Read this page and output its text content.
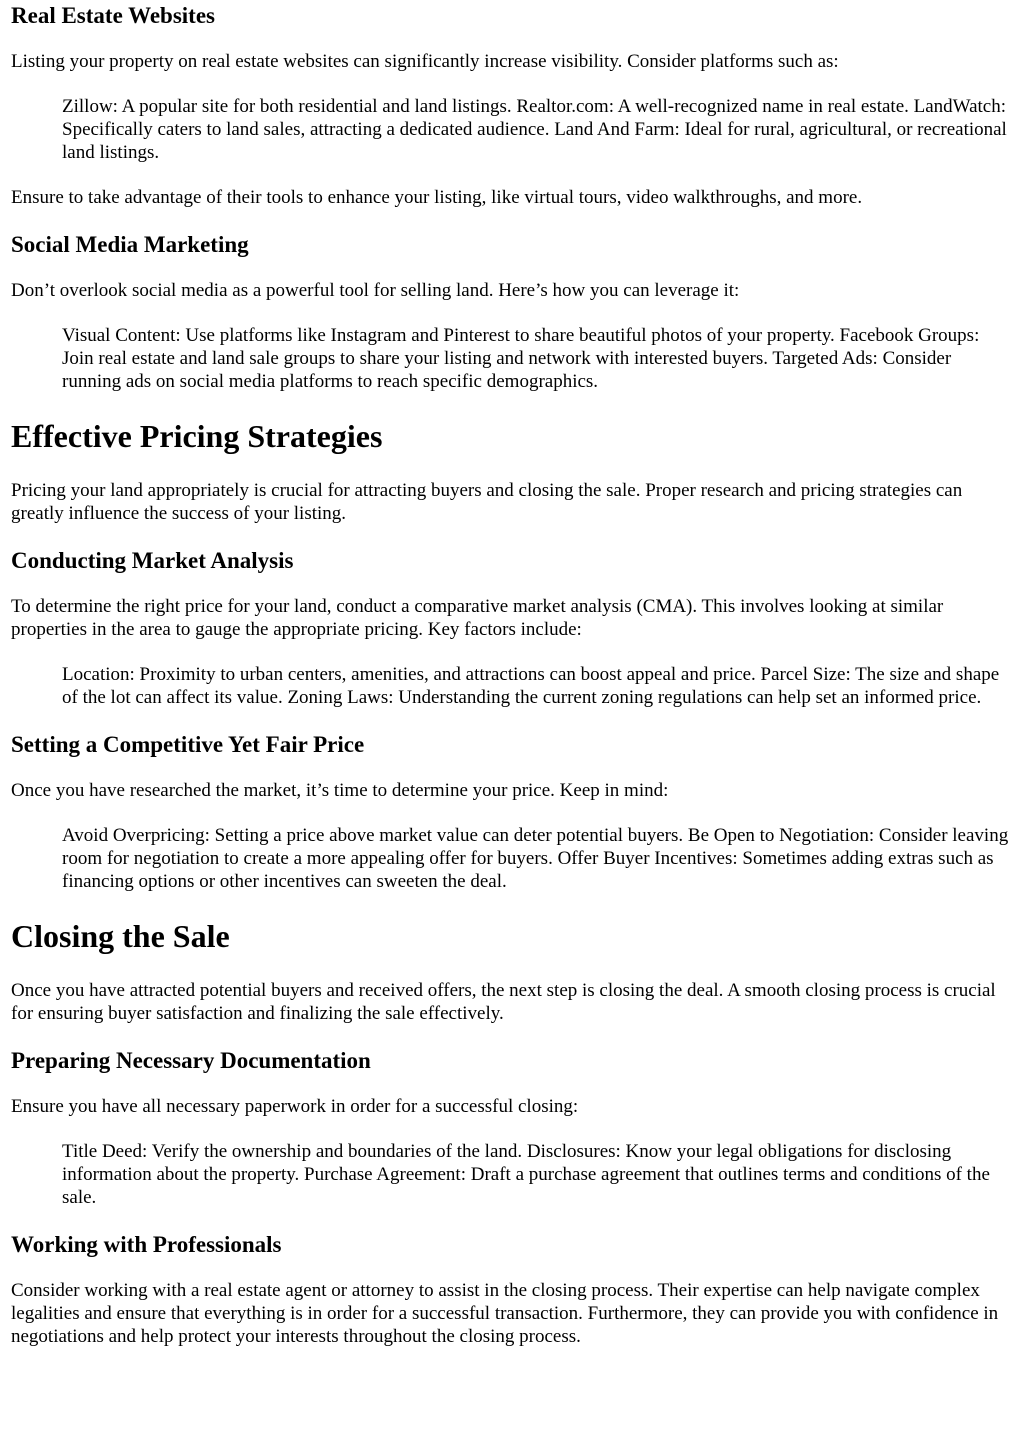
Real Estate Websites

Listing your property on real estate websites can significantly increase visibility. Consider platforms such as:

Zillow: A popular site for both residential and land listings. Realtor.com: A well-recognized name in real estate. LandWatch: Specifically caters to land sales, attracting a dedicated audience. Land And Farm: Ideal for rural, agricultural, or recreational land listings.

Ensure to take advantage of their tools to enhance your listing, like virtual tours, video walkthroughs, and more.

Social Media Marketing

Don’t overlook social media as a powerful tool for selling land. Here’s how you can leverage it:

Visual Content: Use platforms like Instagram and Pinterest to share beautiful photos of your property. Facebook Groups: Join real estate and land sale groups to share your listing and network with interested buyers. Targeted Ads: Consider running ads on social media platforms to reach specific demographics.
Effective Pricing Strategies

Pricing your land appropriately is crucial for attracting buyers and closing the sale. Proper research and pricing strategies can greatly influence the success of your listing.

Conducting Market Analysis

To determine the right price for your land, conduct a comparative market analysis (CMA). This involves looking at similar properties in the area to gauge the appropriate pricing. Key factors include:

Location: Proximity to urban centers, amenities, and attractions can boost appeal and price. Parcel Size: The size and shape of the lot can affect its value. Zoning Laws: Understanding the current zoning regulations can help set an informed price.
Setting a Competitive Yet Fair Price

Once you have researched the market, it’s time to determine your price. Keep in mind:

Avoid Overpricing: Setting a price above market value can deter potential buyers. Be Open to Negotiation: Consider leaving room for negotiation to create a more appealing offer for buyers. Offer Buyer Incentives: Sometimes adding extras such as financing options or other incentives can sweeten the deal.
Closing the Sale

Once you have attracted potential buyers and received offers, the next step is closing the deal. A smooth closing process is crucial for ensuring buyer satisfaction and finalizing the sale effectively.

Preparing Necessary Documentation

Ensure you have all necessary paperwork in order for a successful closing:

Title Deed: Verify the ownership and boundaries of the land. Disclosures: Know your legal obligations for disclosing information about the property. Purchase Agreement: Draft a purchase agreement that outlines terms and conditions of the sale.
Working with Professionals

Consider working with a real estate agent or attorney to assist in the closing process. Their expertise can help navigate complex legalities and ensure that everything is in order for a successful transaction. Furthermore, they can provide you with confidence in negotiations and help protect your interests throughout the closing process.
